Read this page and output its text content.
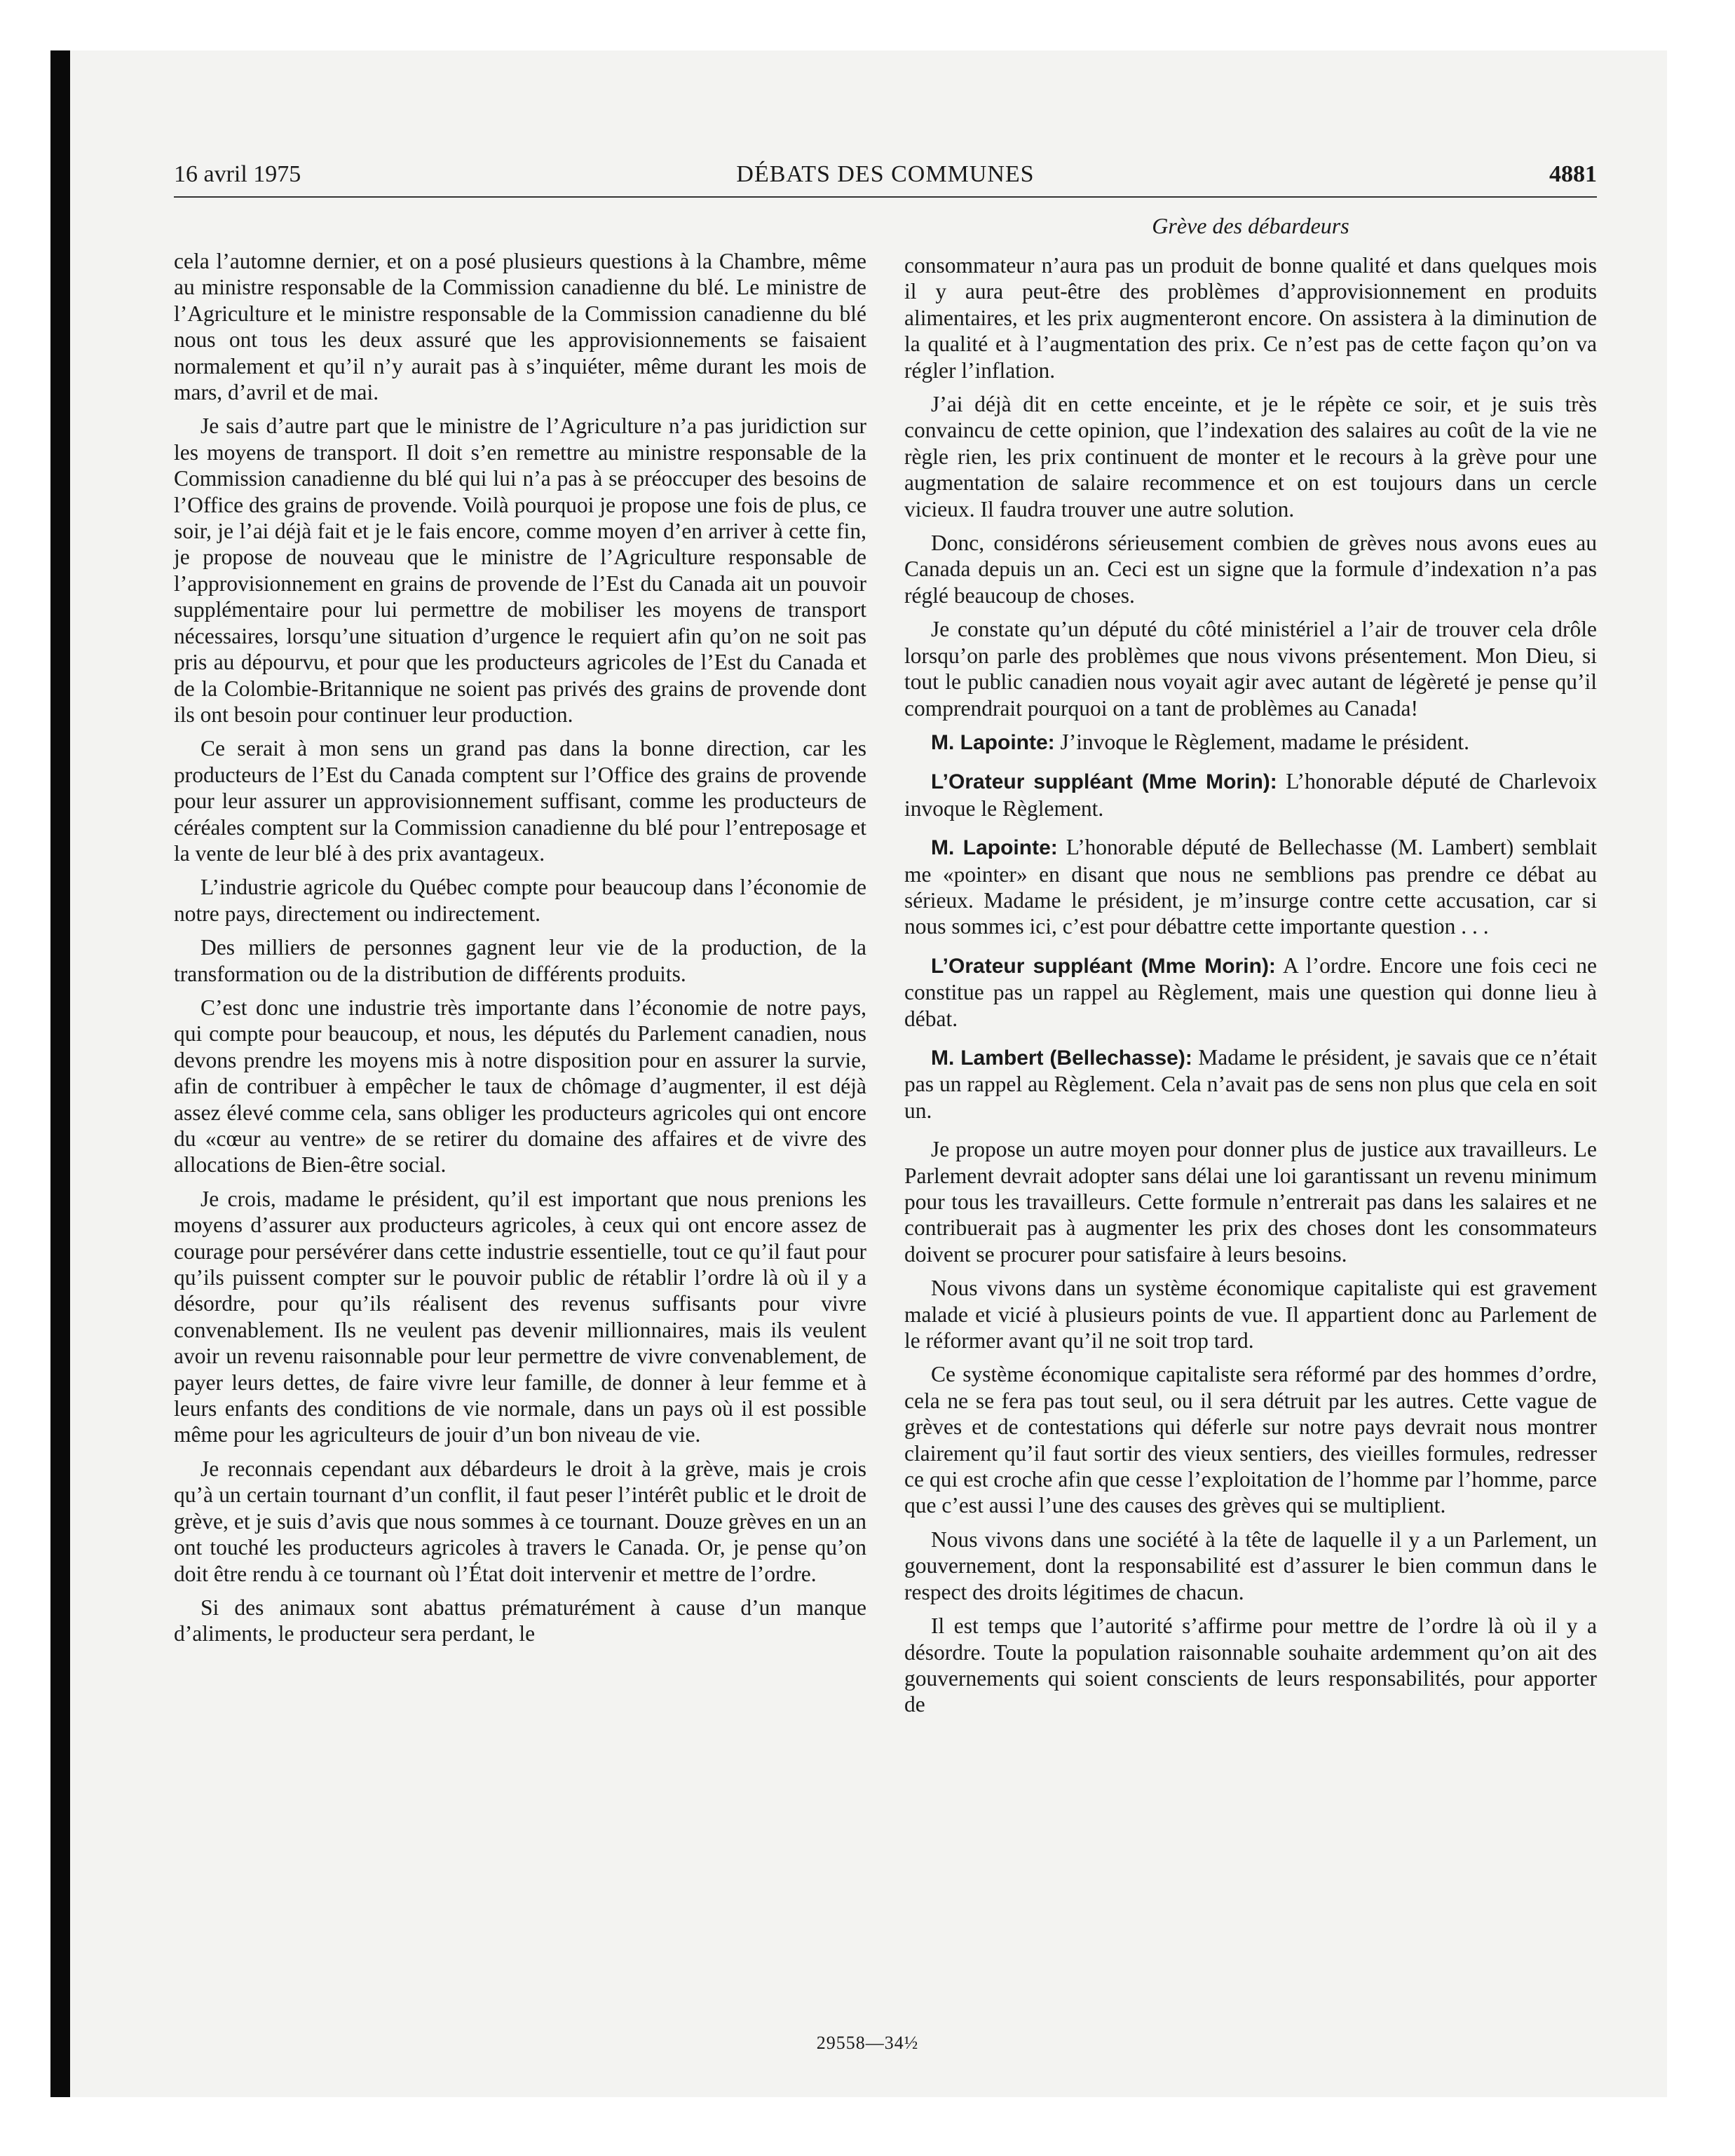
16 avril 1975	DÉBATS DES COMMUNES	4881
Grève des débardeurs

cela l’automne dernier, et on a posé plusieurs questions à la Chambre, même au ministre responsable de la Commission canadienne du blé. Le ministre de l’Agriculture et le ministre responsable de la Commission canadienne du blé nous ont tous les deux assuré que les approvisionnements se faisaient normalement et qu’il n’y aurait pas à s’inquiéter, même durant les mois de mars, d’avril et de mai.

Je sais d’autre part que le ministre de l’Agriculture n’a pas juridiction sur les moyens de transport. Il doit s’en remettre au ministre responsable de la Commission canadienne du blé qui lui n’a pas à se préoccuper des besoins de l’Office des grains de provende. Voilà pourquoi je propose une fois de plus, ce soir, je l’ai déjà fait et je le fais encore, comme moyen d’en arriver à cette fin, je propose de nouveau que le ministre de l’Agriculture responsable de l’approvisionnement en grains de provende de l’Est du Canada ait un pouvoir supplémentaire pour lui permettre de mobiliser les moyens de transport nécessaires, lorsqu’une situation d’urgence le requiert afin qu’on ne soit pas pris au dépourvu, et pour que les producteurs agricoles de l’Est du Canada et de la Colombie-Britannique ne soient pas privés des grains de provende dont ils ont besoin pour continuer leur production.

Ce serait à mon sens un grand pas dans la bonne direction, car les producteurs de l’Est du Canada comptent sur l’Office des grains de provende pour leur assurer un approvisionnement suffisant, comme les producteurs de céréales comptent sur la Commission canadienne du blé pour l’entreposage et la vente de leur blé à des prix avantageux.

L’industrie agricole du Québec compte pour beaucoup dans l’économie de notre pays, directement ou indirectement.

Des milliers de personnes gagnent leur vie de la production, de la transformation ou de la distribution de différents produits.

C’est donc une industrie très importante dans l’économie de notre pays, qui compte pour beaucoup, et nous, les députés du Parlement canadien, nous devons prendre les moyens mis à notre disposition pour en assurer la survie, afin de contribuer à empêcher le taux de chômage d’augmenter, il est déjà assez élevé comme cela, sans obliger les producteurs agricoles qui ont encore du «cœur au ventre» de se retirer du domaine des affaires et de vivre des allocations de Bien-être social.

Je crois, madame le président, qu’il est important que nous prenions les moyens d’assurer aux producteurs agricoles, à ceux qui ont encore assez de courage pour persévérer dans cette industrie essentielle, tout ce qu’il faut pour qu’ils puissent compter sur le pouvoir public de rétablir l’ordre là où il y a désordre, pour qu’ils réalisent des revenus suffisants pour vivre convenablement. Ils ne veulent pas devenir millionnaires, mais ils veulent avoir un revenu raisonnable pour leur permettre de vivre convenablement, de payer leurs dettes, de faire vivre leur famille, de donner à leur femme et à leurs enfants des conditions de vie normale, dans un pays où il est possible même pour les agriculteurs de jouir d’un bon niveau de vie.

Je reconnais cependant aux débardeurs le droit à la grève, mais je crois qu’à un certain tournant d’un conflit, il faut peser l’intérêt public et le droit de grève, et je suis d’avis que nous sommes à ce tournant. Douze grèves en un an ont touché les producteurs agricoles à travers le Canada. Or, je pense qu’on doit être rendu à ce tournant où l’État doit intervenir et mettre de l’ordre.

Si des animaux sont abattus prématurément à cause d’un manque d’aliments, le producteur sera perdant, le

consommateur n’aura pas un produit de bonne qualité et dans quelques mois il y aura peut-être des problèmes d’approvisionnement en produits alimentaires, et les prix augmenteront encore. On assistera à la diminution de la qualité et à l’augmentation des prix. Ce n’est pas de cette façon qu’on va régler l’inflation.

J’ai déjà dit en cette enceinte, et je le répète ce soir, et je suis très convaincu de cette opinion, que l’indexation des salaires au coût de la vie ne règle rien, les prix continuent de monter et le recours à la grève pour une augmentation de salaire recommence et on est toujours dans un cercle vicieux. Il faudra trouver une autre solution.

Donc, considérons sérieusement combien de grèves nous avons eues au Canada depuis un an. Ceci est un signe que la formule d’indexation n’a pas réglé beaucoup de choses.

Je constate qu’un député du côté ministériel a l’air de trouver cela drôle lorsqu’on parle des problèmes que nous vivons présentement. Mon Dieu, si tout le public canadien nous voyait agir avec autant de légèreté je pense qu’il comprendrait pourquoi on a tant de problèmes au Canada!

M. Lapointe: J’invoque le Règlement, madame le président.

L’Orateur suppléant (Mme Morin): L’honorable député de Charlevoix invoque le Règlement.

M. Lapointe: L’honorable député de Bellechasse (M. Lambert) semblait me «pointer» en disant que nous ne semblions pas prendre ce débat au sérieux. Madame le président, je m’insurge contre cette accusation, car si nous sommes ici, c’est pour débattre cette importante question . . .

L’Orateur suppléant (Mme Morin): A l’ordre. Encore une fois ceci ne constitue pas un rappel au Règlement, mais une question qui donne lieu à débat.

M. Lambert (Bellechasse): Madame le président, je savais que ce n’était pas un rappel au Règlement. Cela n’avait pas de sens non plus que cela en soit un.

Je propose un autre moyen pour donner plus de justice aux travailleurs. Le Parlement devrait adopter sans délai une loi garantissant un revenu minimum pour tous les travailleurs. Cette formule n’entrerait pas dans les salaires et ne contribuerait pas à augmenter les prix des choses dont les consommateurs doivent se procurer pour satisfaire à leurs besoins.

Nous vivons dans un système économique capitaliste qui est gravement malade et vicié à plusieurs points de vue. Il appartient donc au Parlement de le réformer avant qu’il ne soit trop tard.

Ce système économique capitaliste sera réformé par des hommes d’ordre, cela ne se fera pas tout seul, ou il sera détruit par les autres. Cette vague de grèves et de contestations qui déferle sur notre pays devrait nous montrer clairement qu’il faut sortir des vieux sentiers, des vieilles formules, redresser ce qui est croche afin que cesse l’exploitation de l’homme par l’homme, parce que c’est aussi l’une des causes des grèves qui se multiplient.

Nous vivons dans une société à la tête de laquelle il y a un Parlement, un gouvernement, dont la responsabilité est d’assurer le bien commun dans le respect des droits légitimes de chacun.

Il est temps que l’autorité s’affirme pour mettre de l’ordre là où il y a désordre. Toute la population raisonnable souhaite ardemment qu’on ait des gouvernements qui soient conscients de leurs responsabilités, pour apporter de

29558—34½
